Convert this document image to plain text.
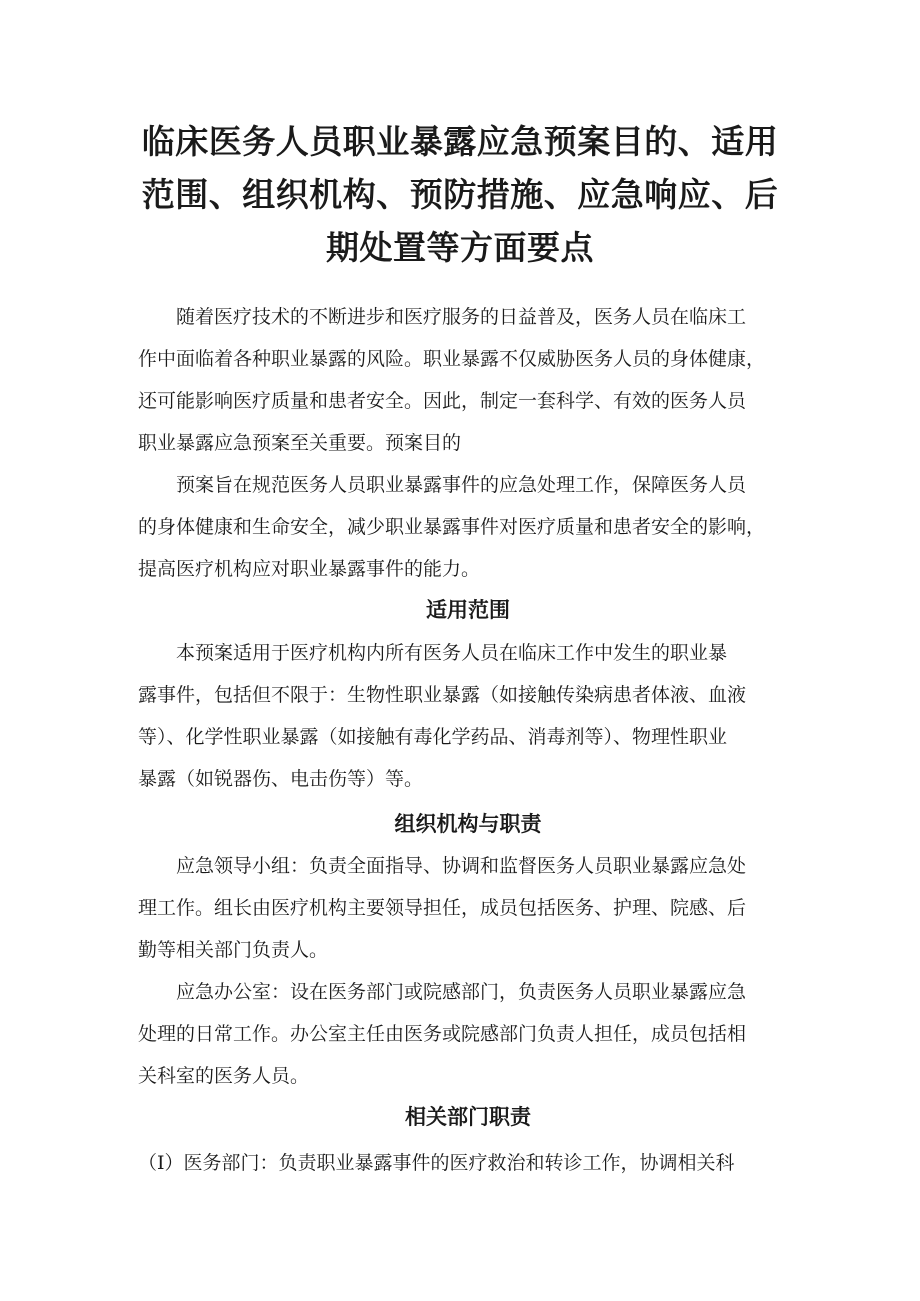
临床医务人员职业暴露应急预案目的、适用
范围、组织机构、预防措施、应急响应、后
期处置等方面要点

　　随着医疗技术的不断进步和医疗服务的日益普及，医务人员在临床工
作中面临着各种职业暴露的风险。职业暴露不仅威胁医务人员的身体健康，
还可能影响医疗质量和患者安全。因此，制定一套科学、有效的医务人员
职业暴露应急预案至关重要。预案目的

　　预案旨在规范医务人员职业暴露事件的应急处理工作，保障医务人员
的身体健康和生命安全，减少职业暴露事件对医疗质量和患者安全的影响，
提高医疗机构应对职业暴露事件的能力。

适用范围

　　本预案适用于医疗机构内所有医务人员在临床工作中发生的职业暴
露事件，包括但不限于：生物性职业暴露（如接触传染病患者体液、血液
等）、化学性职业暴露（如接触有毒化学药品、消毒剂等）、物理性职业
暴露（如锐器伤、电击伤等）等。

组织机构与职责

　　应急领导小组：负责全面指导、协调和监督医务人员职业暴露应急处
理工作。组长由医疗机构主要领导担任，成员包括医务、护理、院感、后
勤等相关部门负责人。

　　应急办公室：设在医务部门或院感部门，负责医务人员职业暴露应急
处理的日常工作。办公室主任由医务或院感部门负责人担任，成员包括相
关科室的医务人员。

相关部门职责

（I）医务部门：负责职业暴露事件的医疗救治和转诊工作，协调相关科
